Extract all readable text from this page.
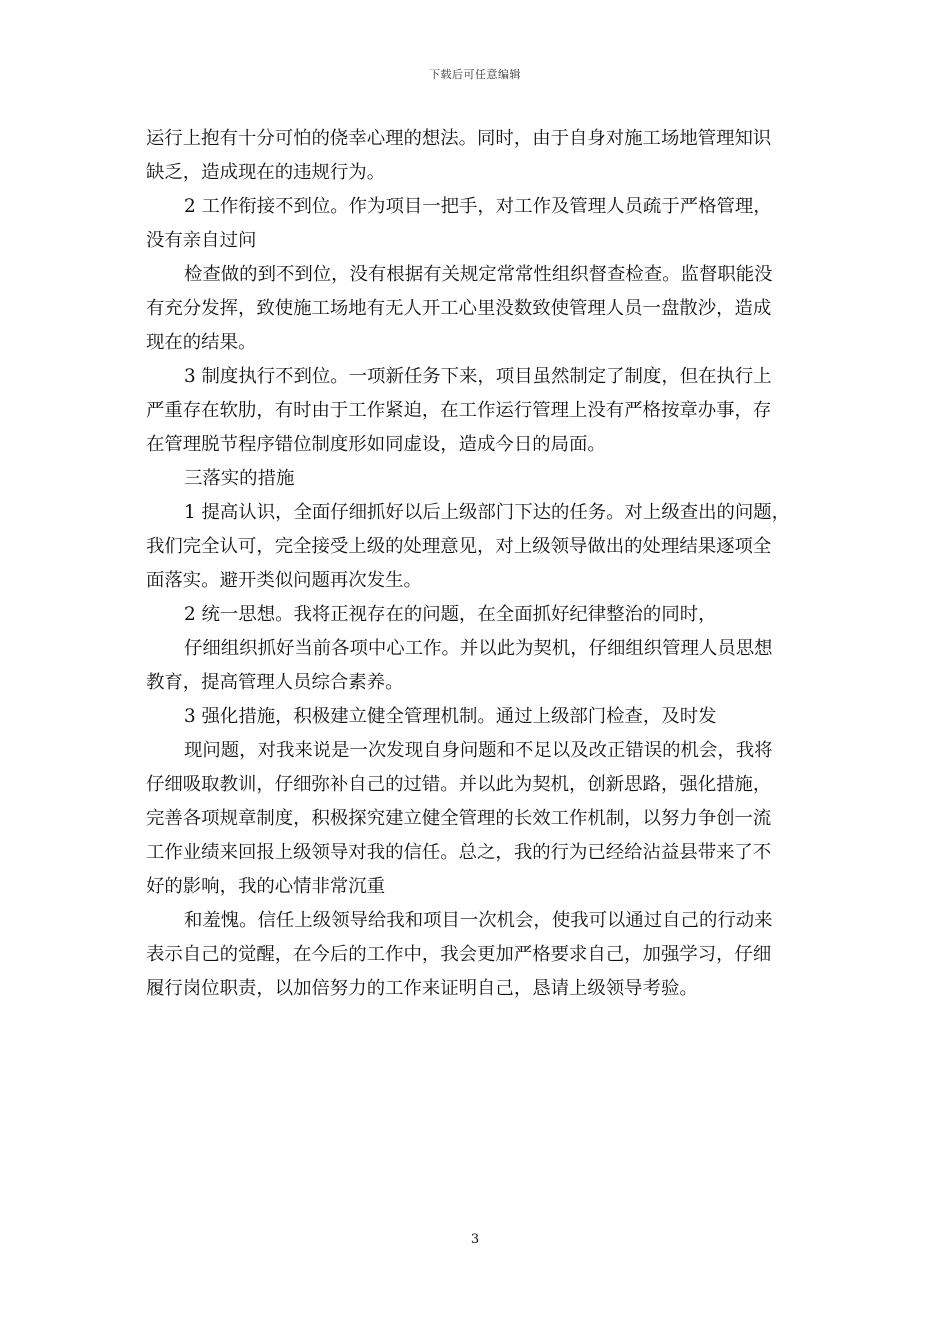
下载后可任意编辑
运行上抱有十分可怕的侥幸心理的想法。同时，由于自身对施工场地管理知识
缺乏，造成现在的违规行为。
2 工作衔接不到位。作为项目一把手，对工作及管理人员疏于严格管理，
没有亲自过问
检查做的到不到位，没有根据有关规定常常性组织督查检查。监督职能没
有充分发挥，致使施工场地有无人开工心里没数致使管理人员一盘散沙，造成
现在的结果。
3 制度执行不到位。一项新任务下来，项目虽然制定了制度，但在执行上
严重存在软肋，有时由于工作紧迫，在工作运行管理上没有严格按章办事，存
在管理脱节程序错位制度形如同虚设，造成今日的局面。
三落实的措施
1 提高认识，全面仔细抓好以后上级部门下达的任务。对上级查出的问题，
我们完全认可，完全接受上级的处理意见，对上级领导做出的处理结果逐项全
面落实。避开类似问题再次发生。
2 统一思想。我将正视存在的问题，在全面抓好纪律整治的同时，
仔细组织抓好当前各项中心工作。并以此为契机，仔细组织管理人员思想
教育，提高管理人员综合素养。
3 强化措施，积极建立健全管理机制。通过上级部门检查，及时发
现问题，对我来说是一次发现自身问题和不足以及改正错误的机会，我将
仔细吸取教训，仔细弥补自己的过错。并以此为契机，创新思路，强化措施，
完善各项规章制度，积极探究建立健全管理的长效工作机制，以努力争创一流
工作业绩来回报上级领导对我的信任。总之，我的行为已经给沾益县带来了不
好的影响，我的心情非常沉重
和羞愧。信任上级领导给我和项目一次机会，使我可以通过自己的行动来
表示自己的觉醒，在今后的工作中，我会更加严格要求自己，加强学习，仔细
履行岗位职责，以加倍努力的工作来证明自己，恳请上级领导考验。
3
